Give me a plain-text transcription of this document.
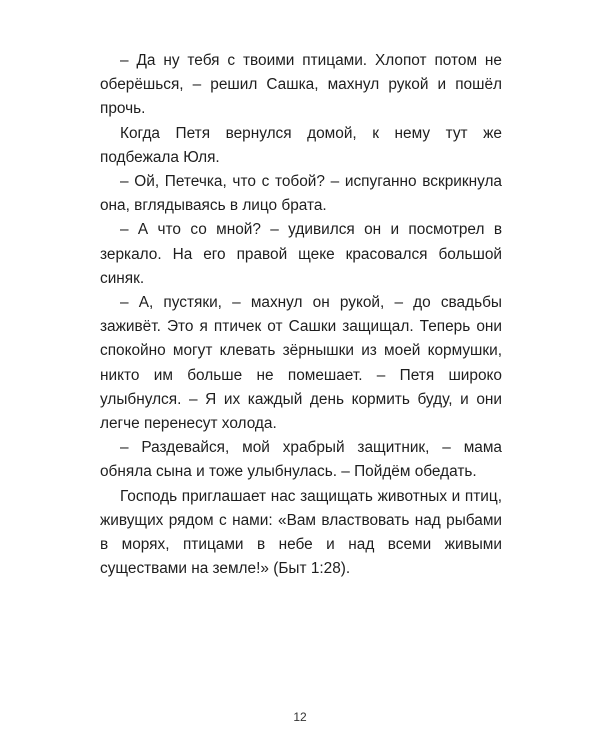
– Да ну тебя с твоими птицами. Хлопот потом не оберёшься, – решил Сашка, махнул рукой и пошёл прочь.

Когда Петя вернулся домой, к нему тут же подбежала Юля.

– Ой, Петечка, что с тобой? – испуганно вскрикнула она, вглядываясь в лицо брата.

– А что со мной? – удивился он и посмотрел в зеркало. На его правой щеке красовался большой синяк.

– А, пустяки, – махнул он рукой, – до свадьбы заживёт. Это я птичек от Сашки защищал. Теперь они спокойно могут клевать зёрнышки из моей кормушки, никто им больше не помешает. – Петя широко улыбнулся. – Я их каждый день кормить буду, и они легче перенесут холода.

– Раздевайся, мой храбрый защитник, – мама обняла сына и тоже улыбнулась. – Пойдём обедать.

Господь приглашает нас защищать животных и птиц, живущих рядом с нами: «Вам властвовать над рыбами в морях, птицами в небе и над всеми живыми существами на земле!» (Быт 1:28).

12
